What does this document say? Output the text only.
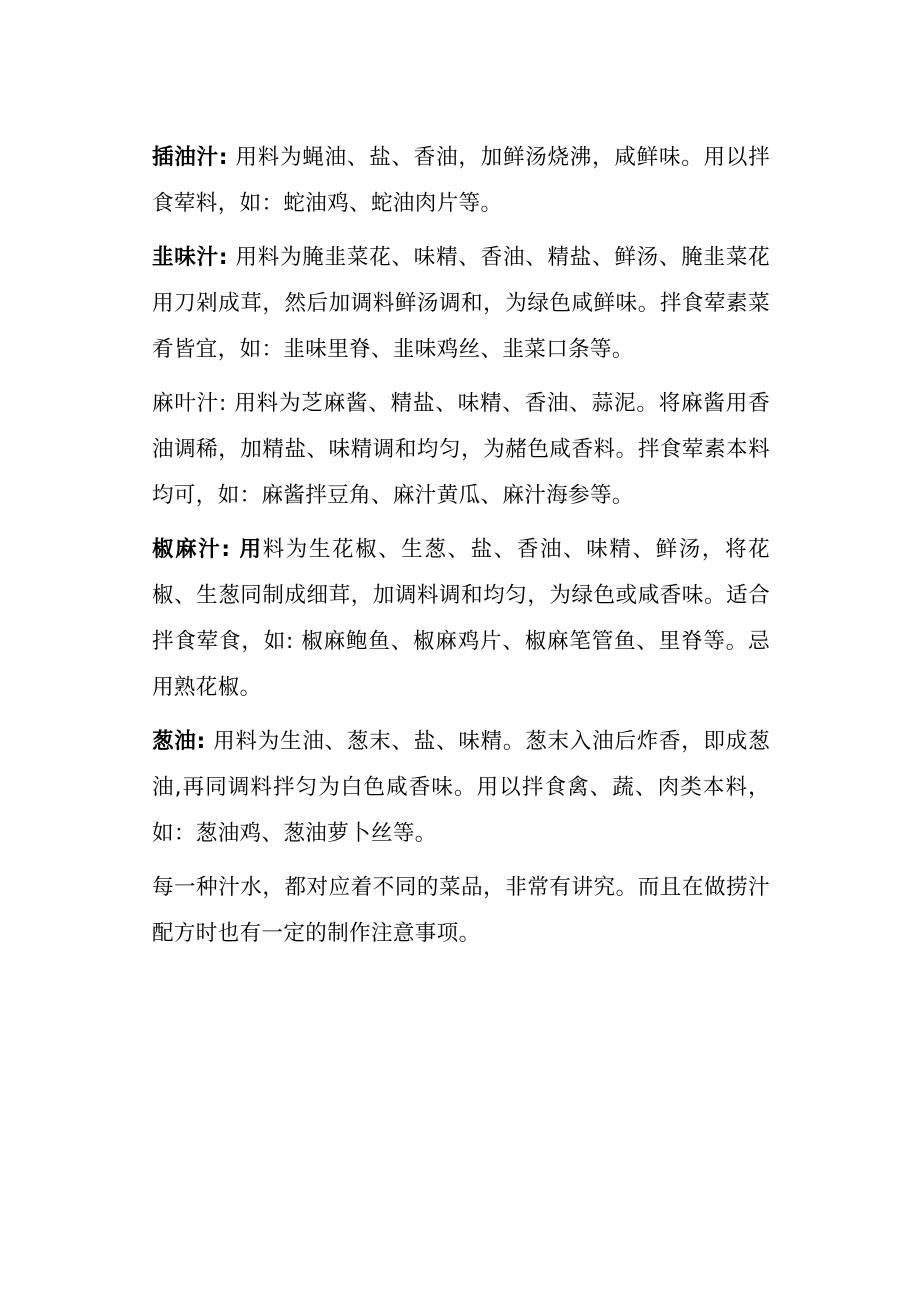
插油汁: 用料为蝇油、盐、香油，加鲜汤烧沸，咸鲜味。用以拌食荤料，如：蛇油鸡、蛇油肉片等。

韭味汁: 用料为腌韭菜花、味精、香油、精盐、鲜汤、腌韭菜花用刀剁成茸，然后加调料鲜汤调和，为绿色咸鲜味。拌食荤素菜肴皆宜，如：韭味里脊、韭味鸡丝、韭菜口条等。

麻叶汁: 用料为芝麻酱、精盐、味精、香油、蒜泥。将麻酱用香油调稀，加精盐、味精调和均匀，为赭色咸香料。拌食荤素本料均可，如：麻酱拌豆角、麻汁黄瓜、麻汁海参等。

椒麻汁: 用料为生花椒、生葱、盐、香油、味精、鲜汤，将花椒、生葱同制成细茸，加调料调和均匀，为绿色或咸香味。适合拌食荤食，如: 椒麻鲍鱼、椒麻鸡片、椒麻笔管鱼、里脊等。忌用熟花椒。

葱油: 用料为生油、葱末、盐、味精。葱末入油后炸香，即成葱油,再同调料拌匀为白色咸香味。用以拌食禽、蔬、肉类本料，如：葱油鸡、葱油萝卜丝等。

每一种汁水，都对应着不同的菜品，非常有讲究。而且在做捞汁配方时也有一定的制作注意事项。
